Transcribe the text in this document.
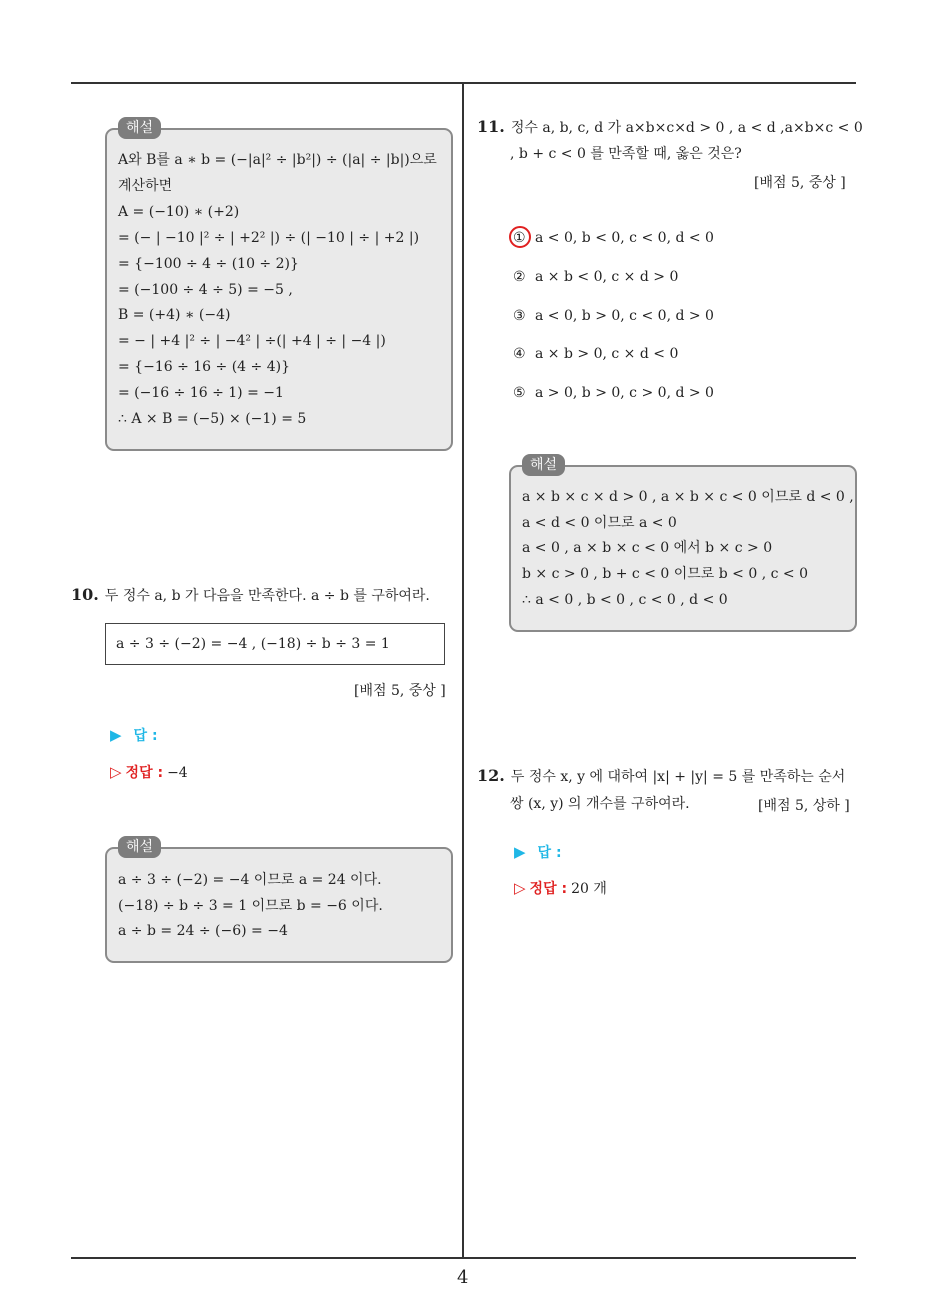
해설
A와 B를 a ∗ b = (−|a|² ÷ |b²|) ÷ (|a| ÷ |b|)으로
계산하면
A = (−10) ∗ (+2)
= (− | −10 |² ÷ | +2² |) ÷ (| −10 | ÷ | +2 |)
= {−100 ÷ 4 ÷ (10 ÷ 2)}
= (−100 ÷ 4 ÷ 5) = −5 ,
B = (+4) ∗ (−4)
= − | +4 |² ÷ | −4² | ÷(| +4 | ÷ | −4 |)
= {−16 ÷ 16 ÷ (4 ÷ 4)}
= (−16 ÷ 16 ÷ 1) = −1
∴ A × B = (−5) × (−1) = 5
10. 두 정수 a, b 가 다음을 만족한다. a ÷ b 를 구하여라.
a ÷ 3 ÷ (−2) = −4 , (−18) ÷ b ÷ 3 = 1
[배점 5, 중상 ]
▶ 답 :
▷ 정답 : −4
해설
a ÷ 3 ÷ (−2) = −4 이므로 a = 24 이다.
(−18) ÷ b ÷ 3 = 1 이므로 b = −6 이다.
a ÷ b = 24 ÷ (−6) = −4
11. 정수 a, b, c, d 가 a×b×c×d > 0 , a < d ,a×b×c < 0
, b + c < 0 를 만족할 때, 옳은 것은?
[배점 5, 중상 ]
① a < 0, b < 0, c < 0, d < 0
② a × b < 0, c × d > 0
③ a < 0, b > 0, c < 0, d > 0
④ a × b > 0, c × d < 0
⑤ a > 0, b > 0, c > 0, d > 0
해설
a × b × c × d > 0 , a × b × c < 0 이므로 d < 0 ,
a < d < 0 이므로 a < 0
a < 0 , a × b × c < 0 에서 b × c > 0
b × c > 0 , b + c < 0 이므로 b < 0 , c < 0
∴ a < 0 , b < 0 , c < 0 , d < 0
12. 두 정수 x, y 에 대하여 |x| + |y| = 5 를 만족하는 순서
쌍 (x, y) 의 개수를 구하여라.	[배점 5, 상하 ]
▶ 답 :
▷ 정답 : 20 개
4
